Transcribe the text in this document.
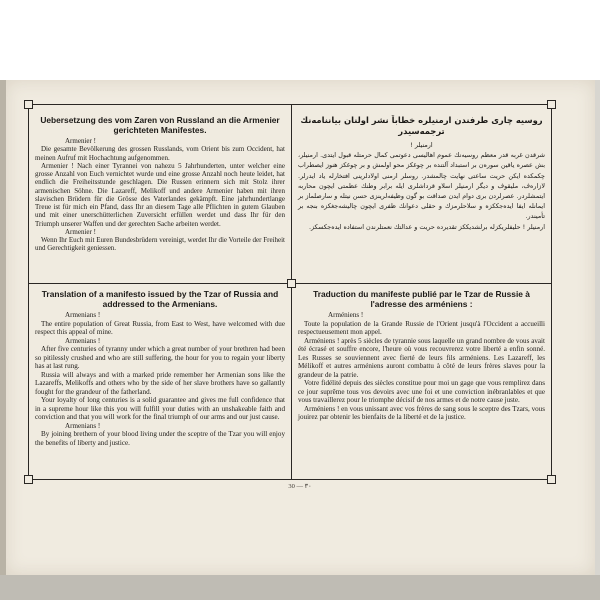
Uebersetzung des vom Zaren von Russland an die Armenier gerichteten Manifestes.

Armenier !

Die gesamte Bevölkerung des grossen Russlands, vom Orient bis zum Occident, hat meinen Aufruf mit Hochachtung aufgenommen.

Armenier ! Nach einer Tyrannei von nahezu 5 Jahrhunderten, unter welcher eine grosse Anzahl von Euch vernichtet wurde und eine grosse Anzahl noch heute leidet, hat endlich die Freiheitsstunde geschlagen. Die Russen erinnern sich mit Stolz ihrer armenischen Söhne. Die Lazareff, Melikoff und andere Armenier haben mit ihren slavischen Brüdern für die Grösse des Vaterlandes gekämpft. Eine jahrhundertlange Treue ist für mich ein Pfand, dass Ihr an diesem Tage alle Pflichten in gutem Glauben und mit einer unerschütterlichen Zuversicht erfüllen werdet und dass Ihr für den Triumph unserer Waffen und der gerechten Sache arbeiten werdet.

Armenier !

Wenn Ihr Euch mit Euren Bundesbrüdern vereinigt, werdet Ihr die Vorteile der Freiheit und Gerechtigkeit geniessen.

روسیه چاری طرفندن ارمنیلره خطاباً نشر اولنان بیاننامه‌نك ترجمه‌سیدر

ارمنیلر !

شرقدن غربه قدر معظم روسیه‌نك عموم اهالیسی دعوتمی كمال حرمتله قبول ایتدی. ارمنیلر، بش عصره یاقین سوره‌ن بر استبداد آلتنده بر چوغكز محو اولمش و بر چوغكز هنوز ایصطراب چكمكده ایكن حریت ساعتی نهایت چالمشدر. روسلر ارمنی اولادلرینی افتخارله یاد ایدرلر. لازاره‌ف، ملیقوف و دیگر ارمنیلر اسلاو قرداشلری ایله برابر وطنك عظمتی ایچون محاربه ایتمشلردر. عصرلردن بری دوام ایدن صداقت بو گون وظیفه‌لرینزی حسن نیتله و سارصلماز بر ایمانله ایفا ایده‌جككزه و سلاحلرمزك و حقلی دعوانك ظفری ایچون چالیشه‌جغكزه بنجه بر تأمیندر.

ارمنیلر ! حلیفلریكزله برلشدیككز تقدیرده حریت و عدالتك نعمتلرندن استفاده ایده‌جكسكز.

Translation of a manifesto issued by the Tzar of Russia and addressed to the Armenians.

Armenians !

The entire population of Great Russia, from East to West, have welcomed with due respect this appeal of mine.

Armenians !

After five centuries of tyranny under which a great number of your brethren had been so pitilessly crushed and who are still suffering, the hour for you to regain your liberty has at last rung.

Russia will always and with a marked pride remember her Armenian sons like the Lazareffs, Melikoffs and others who by the side of her slave brothers have so gallantly fought for the grandeur of the fatherland.

Your loyalty of long centuries is a solid guarantee and gives me full confidence that in a supreme hour like this you will fulfill your duties with an unshakeable faith and conviction and that you will work for the final triumph of our arms and our just cause.

Armenians !

By joining brethern of your blood living under the sceptre of the Tzar you will enjoy the benefits of liberty and justice.

Traduction du manifeste publié par le Tzar de Russie à l'adresse des arméniens :

Arméniens !

Toute la population de la Grande Russie de l'Orient jusqu'à l'Occident a accueilli respectueusement mon appel.

Arméniens ! après 5 siècles de tyrannie sous laquelle un grand nombre de vous avait été écrasé et souffre encore, l'heure où vous recouvrerez votre liberté a enfin sonné. Les Russes se souviennent avec fierté de leurs fils arméniens. Les Lazareff, les Mélikoff et autres arméniens auront combattu à côté de leurs frères slaves pour la grandeur de la patrie.

Votre fidélité depuis des siècles constitue pour moi un gage que vous remplirez dans ce jour suprême tous vos devoirs avec une foi et une conviction inébranlables et que vous travaillerez pour le triomphe décisif de nos armes et de notre cause juste.

Arméniens ! en vous unissant avec vos frères de sang sous le sceptre des Tzars, vous jouirez par obtenir les bienfaits de la liberté et de la justice.

30 — ٣٠
